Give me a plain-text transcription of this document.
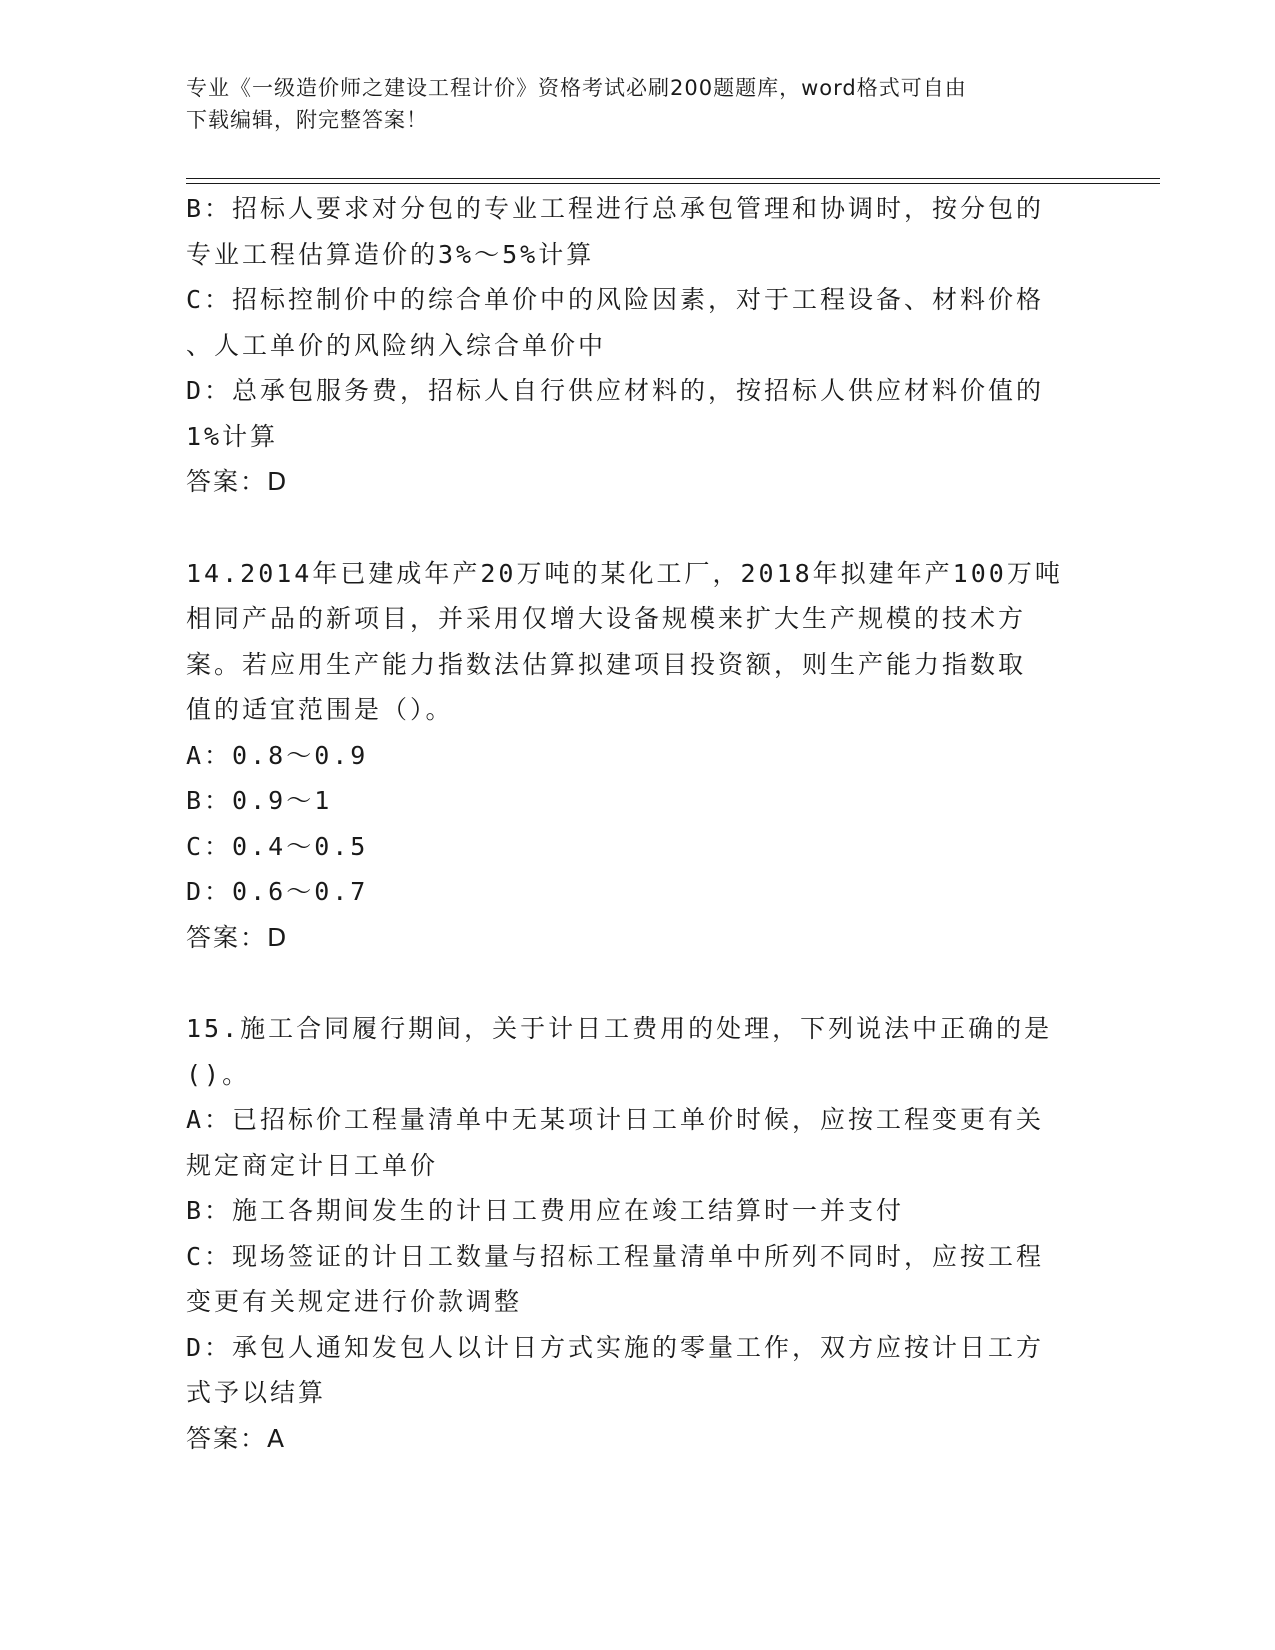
专业《一级造价师之建设工程计价》资格考试必刷200题题库，word格式可自由
下载编辑，附完整答案！
B：招标人要求对分包的专业工程进行总承包管理和协调时，按分包的
专业工程估算造价的3%～5%计算
C：招标控制价中的综合单价中的风险因素，对于工程设备、材料价格
、人工单价的风险纳入综合单价中
D：总承包服务费，招标人自行供应材料的，按招标人供应材料价值的
1%计算
答案：D
14.2014年已建成年产20万吨的某化工厂，2018年拟建年产100万吨
相同产品的新项目，并采用仅增大设备规模来扩大生产规模的技术方
案。若应用生产能力指数法估算拟建项目投资额，则生产能力指数取
值的适宜范围是（）。
A：0.8～0.9
B：0.9～1
C：0.4～0.5
D：0.6～0.7
答案：D
15.施工合同履行期间，关于计日工费用的处理，下列说法中正确的是
()。
A：已招标价工程量清单中无某项计日工单价时候，应按工程变更有关
规定商定计日工单价
B：施工各期间发生的计日工费用应在竣工结算时一并支付
C：现场签证的计日工数量与招标工程量清单中所列不同时，应按工程
变更有关规定进行价款调整
D：承包人通知发包人以计日方式实施的零量工作，双方应按计日工方
式予以结算
答案：A
